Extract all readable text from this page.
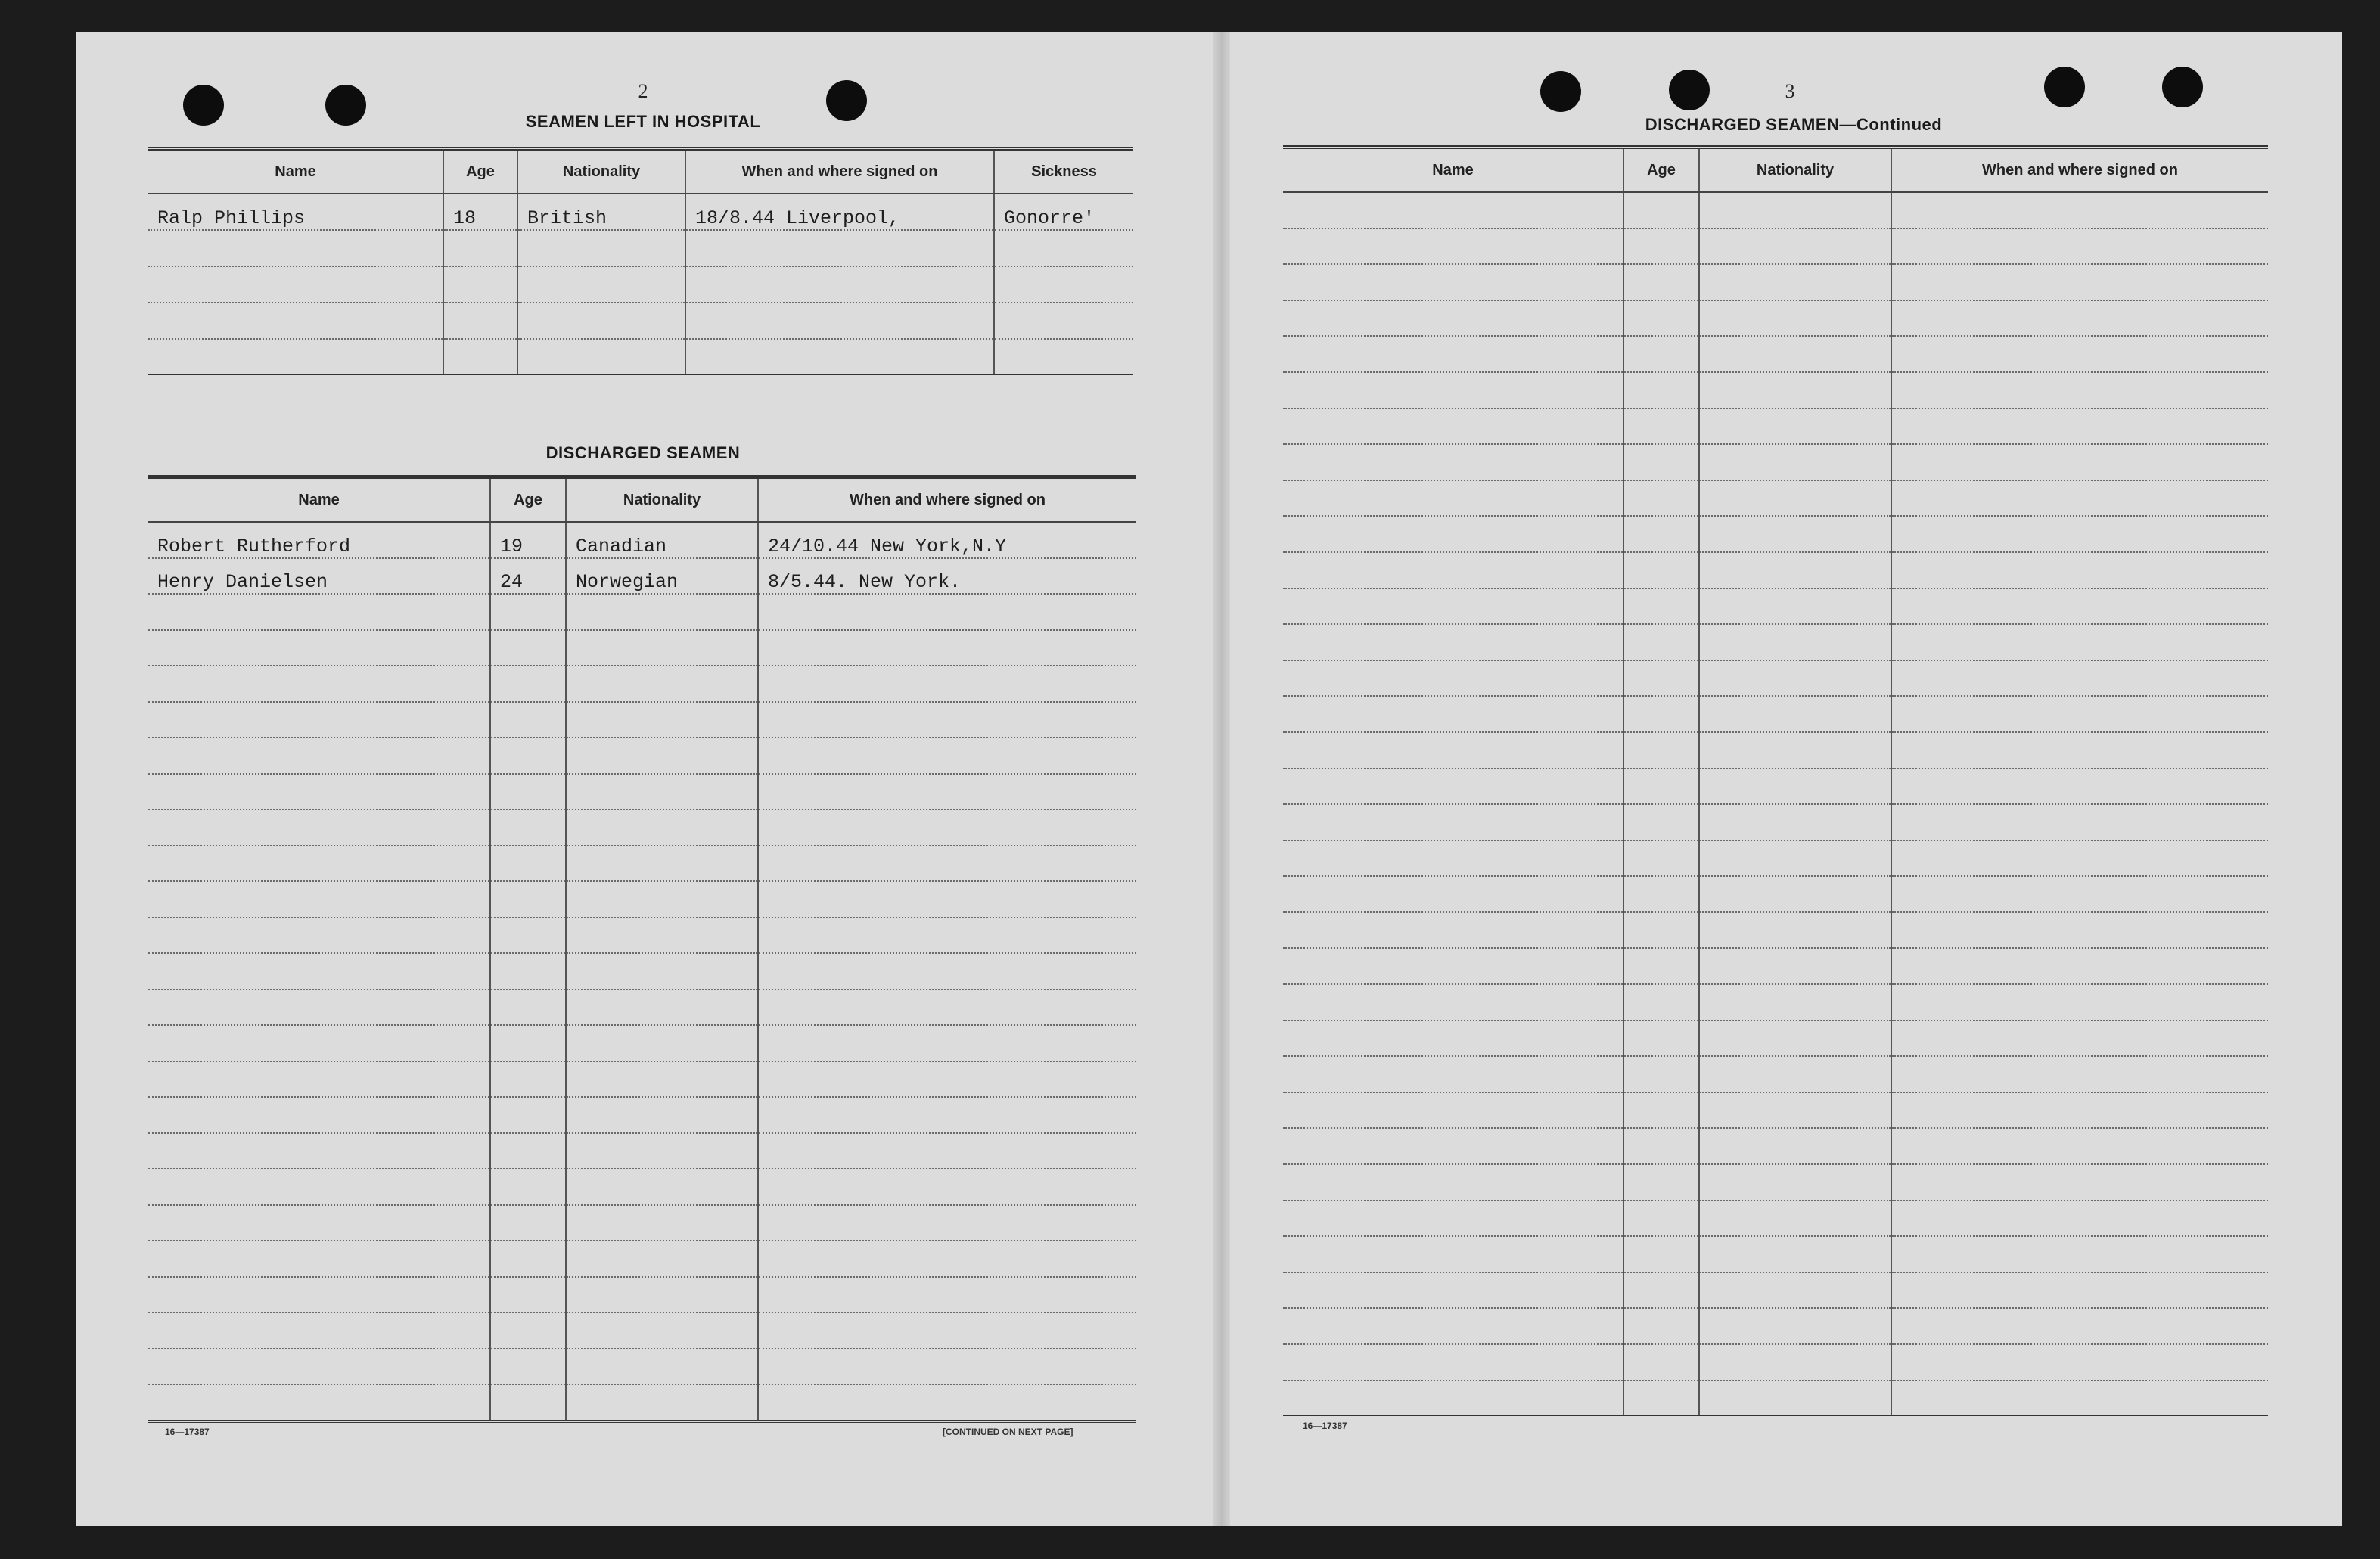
2
SEAMEN LEFT IN HOSPITAL
Name	Age	Nationality	When and where signed on	Sickness
Ralp Phillips	18	British	18/8.44 Liverpool,	Gonorre'

DISCHARGED SEAMEN
Name	Age	Nationality	When and where signed on
Robert Rutherford	19	Canadian	24/10.44 New York,N.Y
Henry Danielsen	24	Norwegian	8/5.44. New York.

16—17387	[CONTINUED ON NEXT PAGE]
3
DISCHARGED SEAMEN—Continued
Name	Age	Nationality	When and where signed on

16—17387
